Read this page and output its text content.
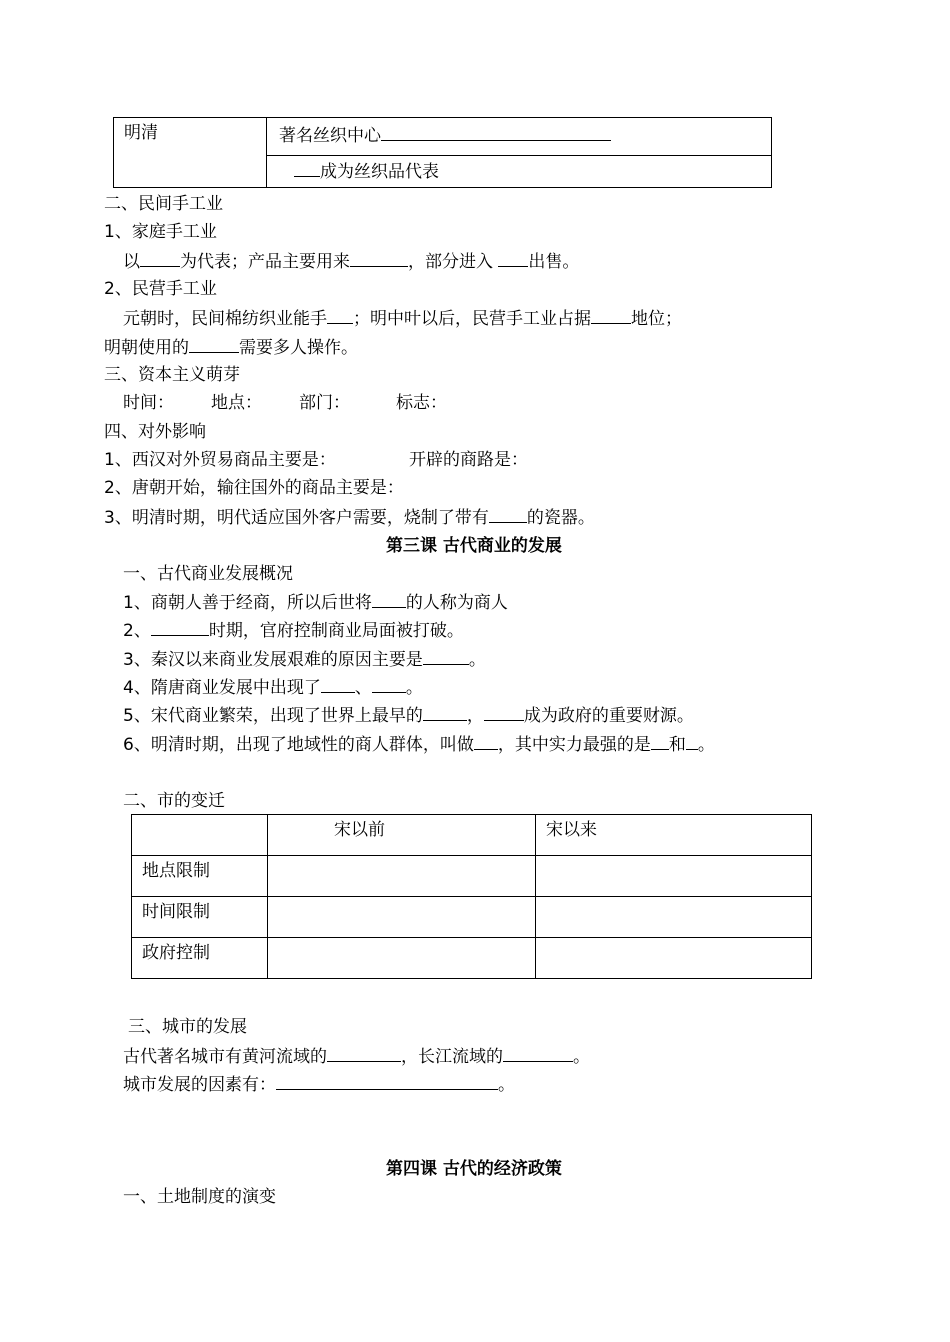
明清	著名丝织中心
成为丝织品代表
二、民间手工业
1、家庭手工业
以 为代表；产品主要用来	，部分进入 出售。
2、民营手工业
元朝时，民间棉纺织业能手 ；明中叶以后，民营手工业占据 地位；
明朝使用的	需要多人操作。
三、资本主义萌芽
时间： 地点： 部门：	标志：
四、对外影响
1、西汉对外贸易商品主要是：	开辟的商路是：
2、唐朝开始，输往国外的商品主要是：
3、明清时期，明代适应国外客户需要，烧制了带有 的瓷器。
第三课 古代商业的发展
一、古代商业发展概况
1、商朝人善于经商，所以后世将 的人称为商人
2、	时期，官府控制商业局面被打破。
3、秦汉以来商业发展艰难的原因主要是	。
4、隋唐商业发展中出现了 、 。
5、宋代商业繁荣，出现了世界上最早的	， 成为政府的重要财源。
6、明清时期，出现了地域性的商人群体，叫做 ，其中实力最强的是 和 。
二、市的变迁
	宋以前	宋以来
地点限制		
时间限制		
政府控制		
三、城市的发展
古代著名城市有黄河流域的	，长江流域的	。
城市发展的因素有：	。
第四课 古代的经济政策
一、土地制度的演变
